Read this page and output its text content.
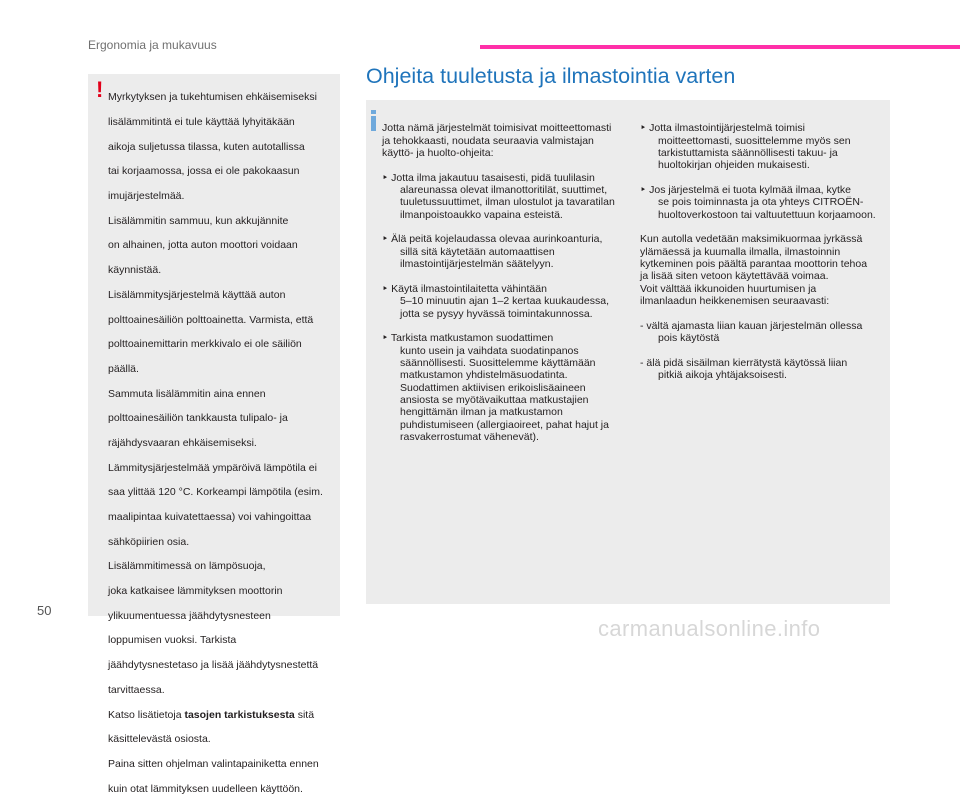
Ergonomia ja mukavuus
! Myrkytyksen ja tukehtumisen ehkäisemiseksi

lisälämmitintä ei tule käyttää lyhyitäkään

aikoja suljetussa tilassa, kuten autotallissa

tai korjaamossa, jossa ei ole pakokaasun

imujärjestelmää.

Lisälämmitin sammuu, kun akkujännite

on alhainen, jotta auton moottori voidaan

käynnistää.

Lisälämmitysjärjestelmä käyttää auton

polttoainesäiliön polttoainetta. Varmista, että

polttoainemittarin merkkivalo ei ole säiliön

päällä.

Sammuta lisälämmitin aina ennen

polttoainesäiliön tankkausta tulipalo- ja

räjähdysvaaran ehkäisemiseksi.

Lämmitysjärjestelmää ympäröivä lämpötila ei

saa ylittää 120 °C. Korkeampi lämpötila (esim.

maalipintaa kuivatettaessa) voi vahingoittaa

sähköpiirien osia.

Lisälämmitimessä on lämpösuoja,

joka katkaisee lämmityksen moottorin

ylikuumentuessa jäähdytysnesteen

loppumisen vuoksi. Tarkista

jäähdytysnestetaso ja lisää jäähdytysnestettä

tarvittaessa.

Katso lisätietoja tasojen tarkistuksesta sitä

käsittelevästä osiosta.

Paina sitten ohjelman valintapainiketta ennen

kuin otat lämmityksen uudelleen käyttöön.

Ohjeita tuuletusta ja ilmastointia varten

Jotta nämä järjestelmät toimisivat moitteettomasti
ja tehokkaasti, noudata seuraavia valmistajan
käyttö- ja huolto-ohjeita:

‣ Jotta ilma jakautuu tasaisesti, pidä tuulilasin
alareunassa olevat ilmanottoritilät, suuttimet,
tuuletussuuttimet, ilman ulostulot ja tavaratilan
ilmanpoistoaukko vapaina esteistä.

‣ Älä peitä kojelaudassa olevaa aurinkoanturia,
sillä sitä käytetään automaattisen
ilmastointijärjestelmän säätelyyn.

‣ Käytä ilmastointilaitetta vähintään
5–10 minuutin ajan 1–2 kertaa kuukaudessa,
jotta se pysyy hyvässä toimintakunnossa.

‣ Tarkista matkustamon suodattimen
kunto usein ja vaihdata suodatinpanos
säännöllisesti. Suosittelemme käyttämään
matkustamon yhdistelmäsuodatinta.
Suodattimen aktiivisen erikoislisäaineen
ansiosta se myötävaikuttaa matkustajien
hengittämän ilman ja matkustamon
puhdistumiseen (allergiaoireet, pahat hajut ja
rasvakerrostumat vähenevät).

‣ Jotta ilmastointijärjestelmä toimisi
moitteettomasti, suosittelemme myös sen
tarkistuttamista säännöllisesti takuu- ja
huoltokirjan ohjeiden mukaisesti.

‣ Jos järjestelmä ei tuota kylmää ilmaa, kytke
se pois toiminnasta ja ota yhteys CITROËN-
huoltoverkostoon tai valtuutettuun korjaamoon.

Kun autolla vedetään maksimikuormaa jyrkässä
ylämäessä ja kuumalla ilmalla, ilmastoinnin
kytkeminen pois päältä parantaa moottorin tehoa
ja lisää siten vetoon käytettävää voimaa.
Voit välttää ikkunoiden huurtumisen ja
ilmanlaadun heikkenemisen seuraavasti:

- vältä ajamasta liian kauan järjestelmän ollessa
pois käytöstä

- älä pidä sisäilman kierrätystä käytössä liian
pitkiä aikoja yhtäjaksoisesti.

50
carmanualsonline.info
